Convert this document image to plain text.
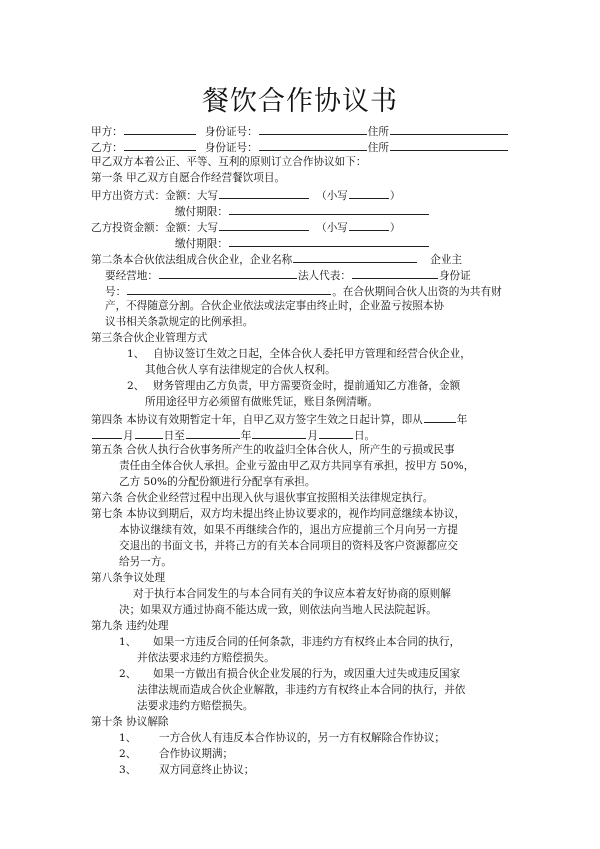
餐饮合作协议书
甲方：	身份证号：	住所
乙方：	身份证号：	住所
甲乙双方本着公正、平等、互利的原则订立合作协议如下：
第一条 甲乙双方自愿合作经营餐饮项目。
甲方出资方式：金额：大写	（小写	）
缴付期限：
乙方投资金额：金额：大写	（小写	）
缴付期限：
第二条本合伙依法组成合伙企业，企业名称	企业主
要经营地：	法人代表：	身份证
号：	。在合伙期间合伙人出资的为共有财
产，不得随意分割。合伙企业依法或法定事由终止时，企业盈亏按照本协
议书相关条款规定的比例承担。
第三条合伙企业管理方式
1、 自协议签订生效之日起，全体合伙人委托甲方管理和经营合伙企业，
其他合伙人享有法律规定的合伙人权利。
2、 财务管理由乙方负责，甲方需要资金时，提前通知乙方准备，金额
所用途径甲方必须留有做账凭证，账目条例清晰。
第四条 本协议有效期暂定十年，自甲乙双方签字生效之日起计算，即从	年
月	日至	年	月	日。
第五条 合伙人执行合伙事务所产生的收益归全体合伙人，所产生的亏损或民事
责任由全体合伙人承担。企业亏盈由甲乙双方共同享有承担，按甲方 50%，
乙方 50%的分配份额进行分配享有承担。
第六条 合伙企业经营过程中出现入伙与退伙事宜按照相关法律规定执行。
第七条 本协议到期后，双方均未提出终止协议要求的，视作均同意继续本协议，
本协议继续有效，如果不再继续合作的，退出方应提前三个月向另一方提
交退出的书面文书，并将己方的有关本合同项目的资料及客户资源都应交
给另一方。
第八条争议处理
对于执行本合同发生的与本合同有关的争议应本着友好协商的原则解
决；如果双方通过协商不能达成一致，则依法向当地人民法院起诉。
第九条 违约处理
1、 如果一方违反合同的任何条款，非违约方有权终止本合同的执行，
并依法要求违约方赔偿损失。
2、 如果一方做出有损合伙企业发展的行为，或因重大过失或违反国家
法律法规而造成合伙企业解散，非违约方有权终止本合同的执行，并依
法要求违约方赔偿损失。
第十条 协议解除
1、 一方合伙人有违反本合作协议的，另一方有权解除合作协议；
2、 合作协议期满；
3、 双方同意终止协议；
